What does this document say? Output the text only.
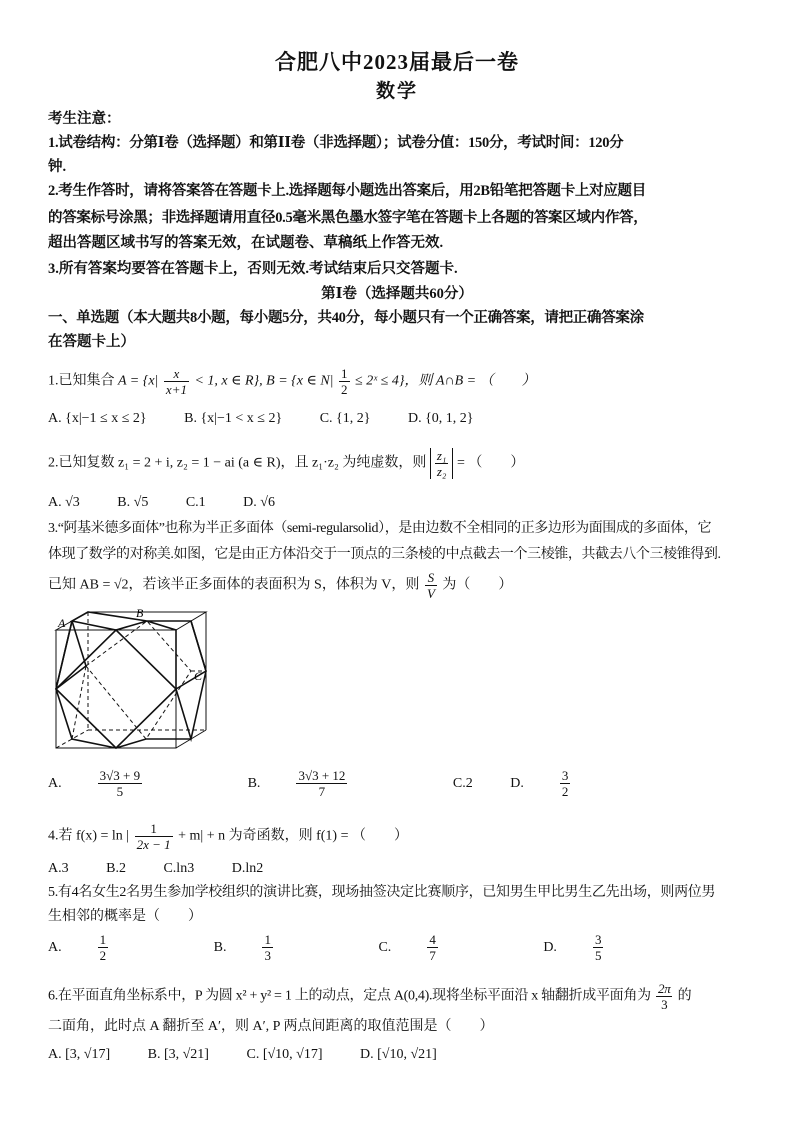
合肥八中2023届最后一卷
数学
考生注意：
1.试卷结构：分第Ⅰ卷（选择题）和第ⅠⅠ卷（非选择题）；试卷分值：150分，考试时间：120分
钟.
2.考生作答时，请将答案答在答题卡上.选择题每小题选出答案后，用2B铅笔把答题卡上对应题目
的答案标号涂黑；非选择题请用直径0.5毫米黑色墨水签字笔在答题卡上各题的答案区域内作答，
超出答题区域书写的答案无效，在试题卷、草稿纸上作答无效.
3.所有答案均要答在答题卡上，否则无效.考试结束后只交答题卡.
第Ⅰ卷（选择题共60分）
一、单选题（本大题共8小题，每小题5分，共40分，每小题只有一个正确答案，请把正确答案涂
在答题卡上）
1.已知集合 $A = \{x| \frac{x}{x+1} < 1$, x ∈ R}, B = {x ∈ $N| \frac{1}{2}$ ≤ 2ˣ ≤ 4}，则 A∩B = （　　）
A. {x|−1 ≤ x ≤ 2}	B. {x|−1 < x ≤ 2}	C. {1, 2}	D. {0, 1, 2}
2.已知复数 z₁ = 2 + i, z₂ = 1 − ai (a ∈ R)，且 z₁·z₂ 为纯虚数，则 $\frac{\text{z₁}}{\text{z₂}}$ = （　　）
A. √3	B. √5	C.1	D. √6
3.“阿基米德多面体”也称为半正多面体（semi-regularsolid），是由边数不全相同的正多边形为面围成的多面体，它
体现了数学的对称美.如图，它是由正方体沿交于一顶点的三条棱的中点截去一个三棱锥，共截去八个三棱锥得到.
已知 AB = √2，若该半正多面体的表面积为 S，体积为 V，则 $\frac{S}{V}$ 为（　　）
A
B
C
A.	$\frac{3√3 + 9}{5}$	B.	$\frac{3√3 + 12}{7}$	C.2	D.	$\frac{3}{2}$
4.若 f(x) = ln | $\frac{1}{2x - 1} + m| + n$ 为奇函数，则 f(1) = （　　）
A.3	B.2	C.ln3	D.ln2
5.有4名女生2名男生参加学校组织的演讲比赛，现场抽签决定比赛顺序，已知男生甲比男生乙先出场，则两位男
生相邻的概率是（　　）
A.	$\frac{1}{2}$	B.	$\frac{1}{3}$	C.	$\frac{4}{7}$	D.	$\frac{3}{5}$
6.在平面直角坐标系中，P 为圆 x² + y² = 1 上的动点，定点 A(0,4).现将坐标平面沿 x 轴翻折成平面角为 $\frac{2\pi}{3}$ 的
二面角，此时点 A 翻折至 A′，则 A′, P 两点间距离的取值范围是（　　）
A. [3, √17]	B. [3, √21]	C. [√10, √17]	D. [√10, √21]
